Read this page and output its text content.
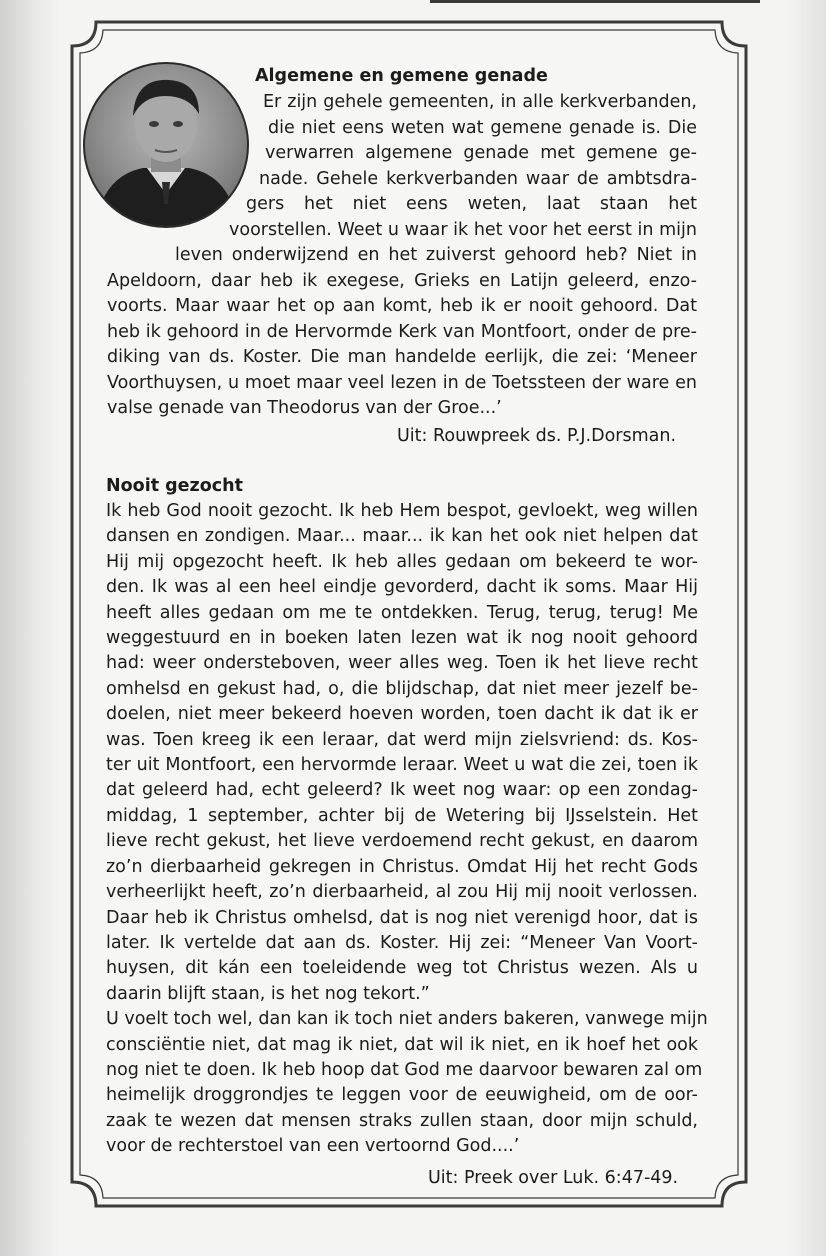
Algemene en gemene genade
Er zijn gehele gemeenten, in alle kerkverbanden,
die niet eens weten wat gemene genade is. Die
verwarren algemene genade met gemene ge-
nade. Gehele kerkverbanden waar de ambtsdra-
gers het niet eens weten, laat staan het
voorstellen. Weet u waar ik het voor het eerst in mijn
leven onderwijzend en het zuiverst gehoord heb? Niet in
Apeldoorn, daar heb ik exegese, Grieks en Latijn geleerd, enzo-
voorts. Maar waar het op aan komt, heb ik er nooit gehoord. Dat
heb ik gehoord in de Hervormde Kerk van Montfoort, onder de pre-
diking van ds. Koster. Die man handelde eerlijk, die zei: ‘Meneer
Voorthuysen, u moet maar veel lezen in de Toetssteen der ware en
valse genade van Theodorus van der Groe...’
Uit: Rouwpreek ds. P.J.Dorsman.
Nooit gezocht
Ik heb God nooit gezocht. Ik heb Hem bespot, gevloekt, weg willen
dansen en zondigen. Maar... maar... ik kan het ook niet helpen dat
Hij mij opgezocht heeft. Ik heb alles gedaan om bekeerd te wor-
den. Ik was al een heel eindje gevorderd, dacht ik soms. Maar Hij
heeft alles gedaan om me te ontdekken. Terug, terug, terug! Me
weggestuurd en in boeken laten lezen wat ik nog nooit gehoord
had: weer ondersteboven, weer alles weg. Toen ik het lieve recht
omhelsd en gekust had, o, die blijdschap, dat niet meer jezelf be-
doelen, niet meer bekeerd hoeven worden, toen dacht ik dat ik er
was. Toen kreeg ik een leraar, dat werd mijn zielsvriend: ds. Kos-
ter uit Montfoort, een hervormde leraar. Weet u wat die zei, toen ik
dat geleerd had, echt geleerd? Ik weet nog waar: op een zondag-
middag, 1 september, achter bij de Wetering bij IJsselstein. Het
lieve recht gekust, het lieve verdoemend recht gekust, en daarom
zo’n dierbaarheid gekregen in Christus. Omdat Hij het recht Gods
verheerlijkt heeft, zo’n dierbaarheid, al zou Hij mij nooit verlossen.
Daar heb ik Christus omhelsd, dat is nog niet verenigd hoor, dat is
later. Ik vertelde dat aan ds. Koster. Hij zei: “Meneer Van Voort-
huysen, dit kán een toeleidende weg tot Christus wezen. Als u
daarin blijft staan, is het nog tekort.”
U voelt toch wel, dan kan ik toch niet anders bakeren, vanwege mijn
consciëntie niet, dat mag ik niet, dat wil ik niet, en ik hoef het ook
nog niet te doen. Ik heb hoop dat God me daarvoor bewaren zal om
heimelijk droggrondjes te leggen voor de eeuwigheid, om de oor-
zaak te wezen dat mensen straks zullen staan, door mijn schuld,
voor de rechterstoel van een vertoornd God....’
Uit: Preek over Luk. 6:47-49.
